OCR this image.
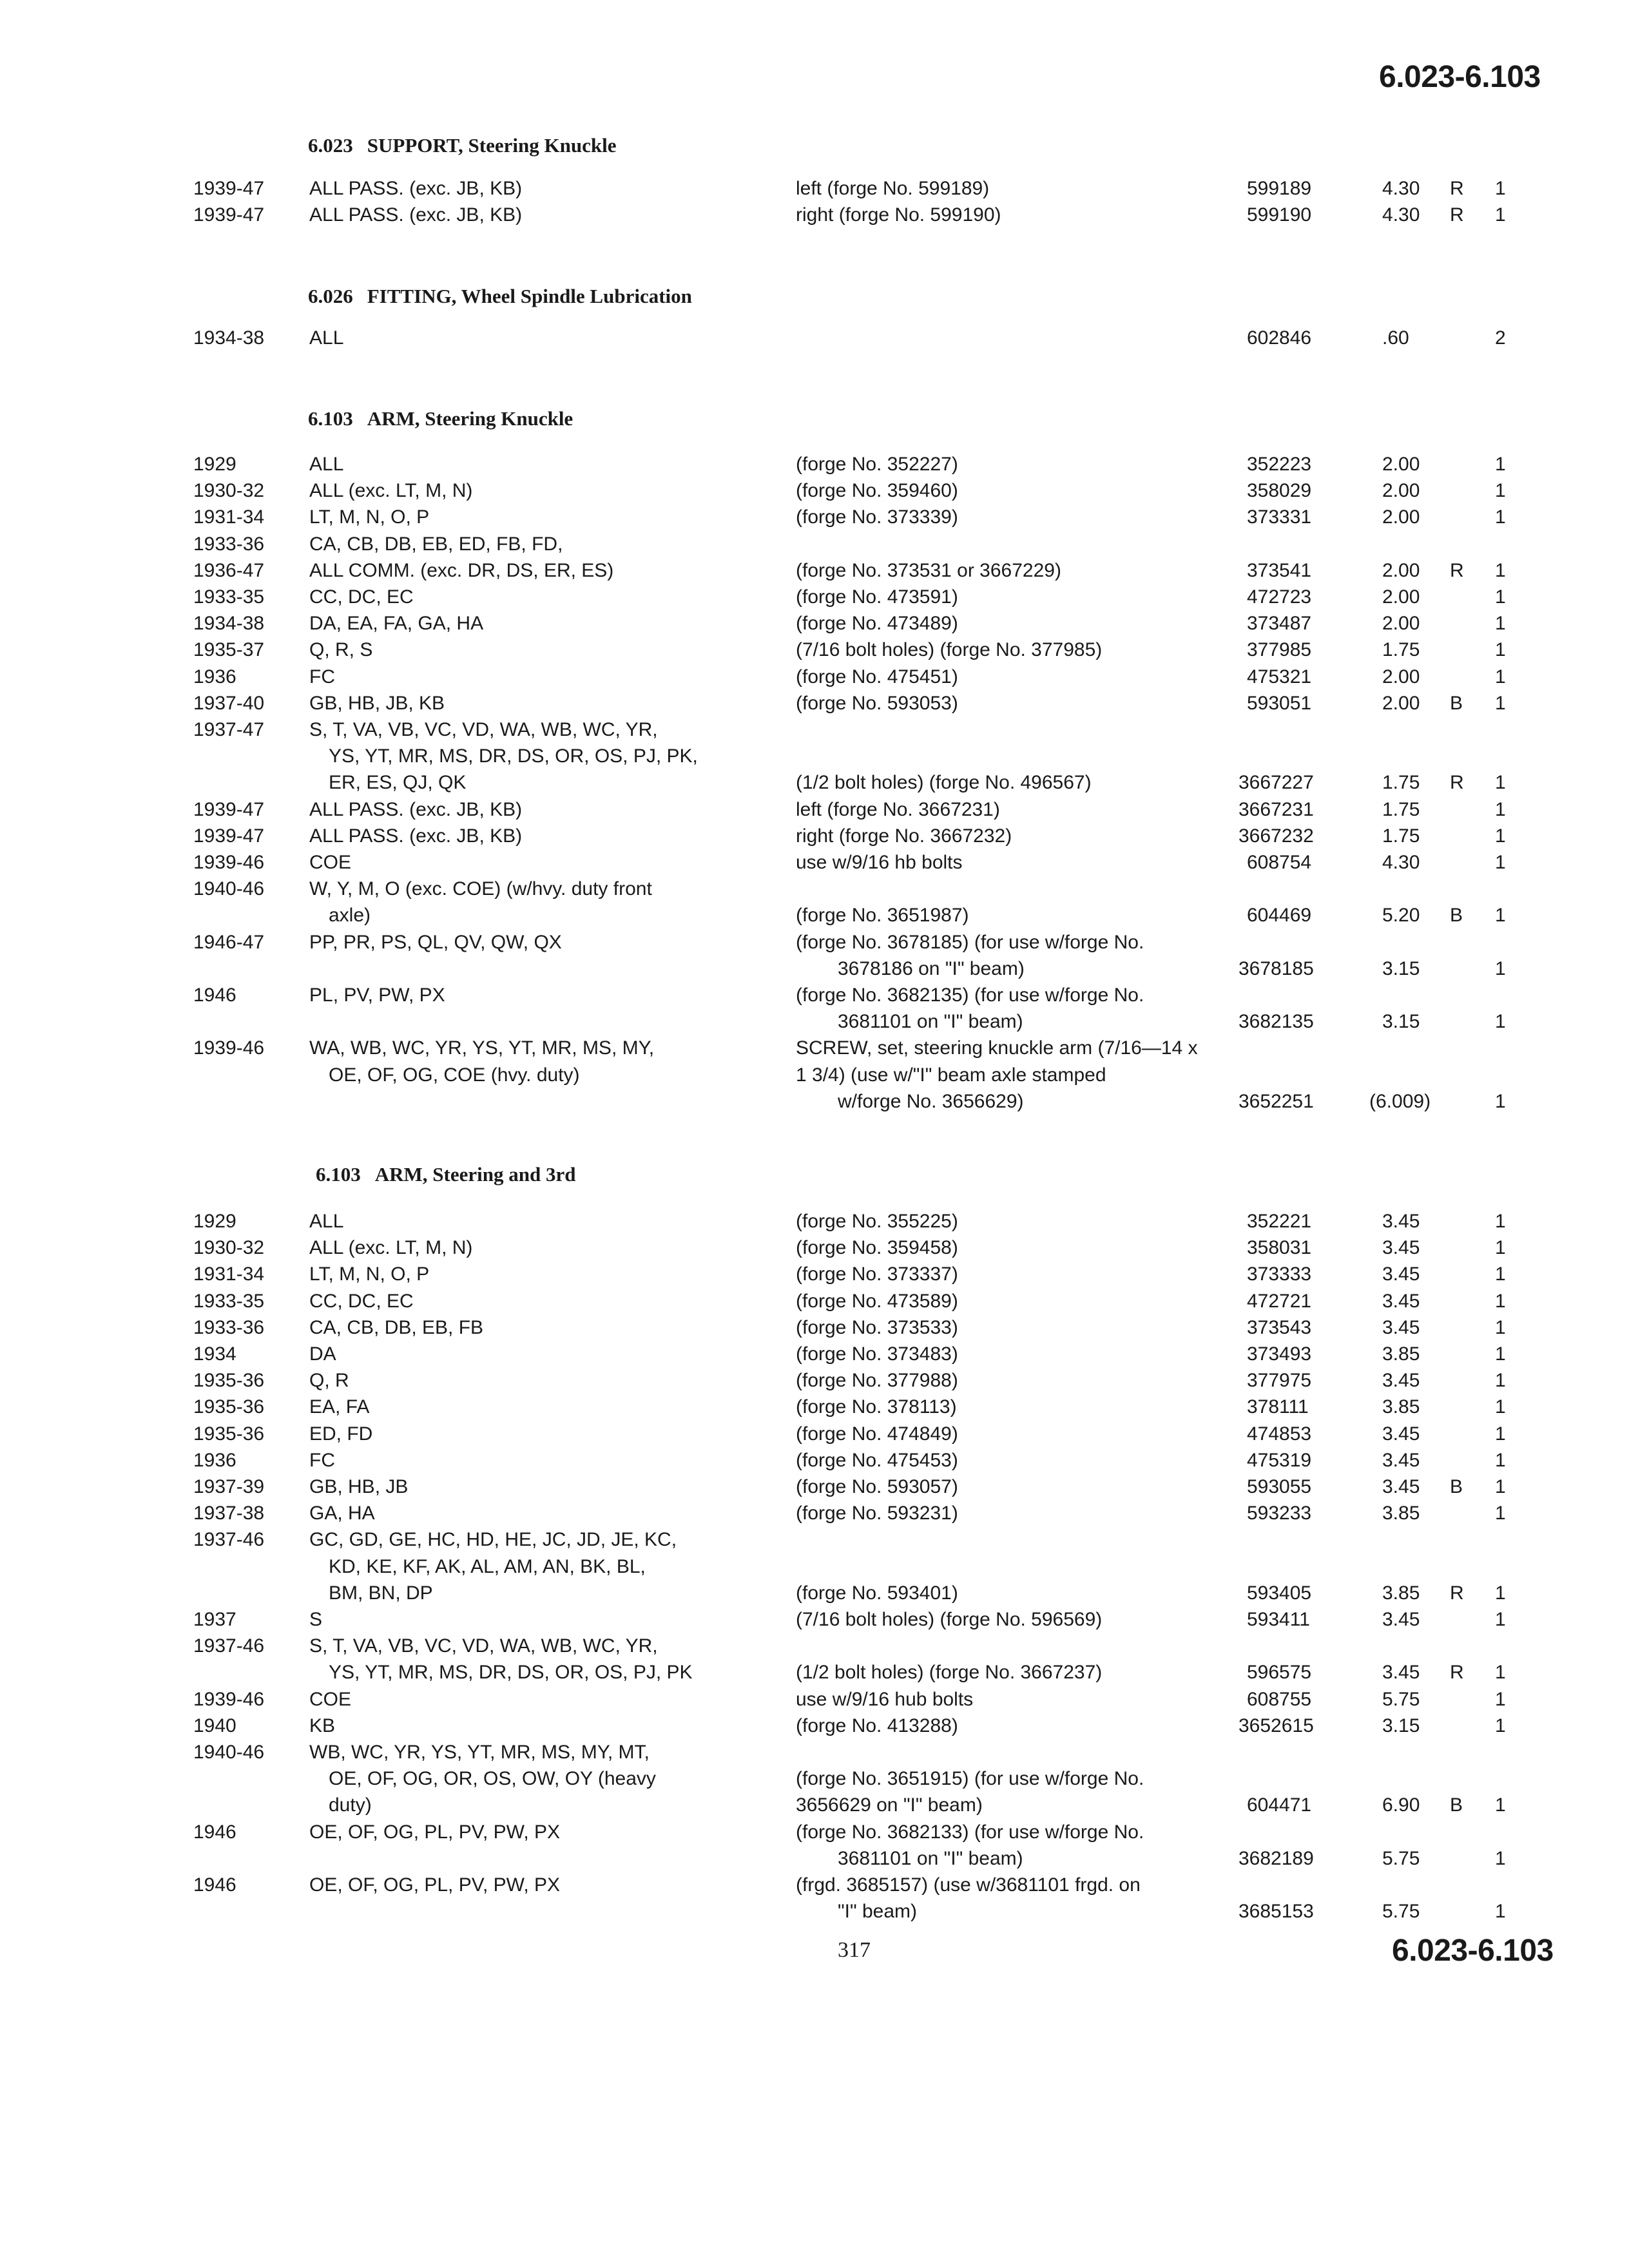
6.023-6.103
6.023 SUPPORT, Steering Knuckle
1939-47 ALL PASS. (exc. JB, KB)	left (forge No. 599189)	599189	4.30 R 1
1939-47 ALL PASS. (exc. JB, KB)	right (forge No. 599190)	599190	4.30 R 1
6.026 FITTING, Wheel Spindle Lubrication
1934-38 ALL	602846	.60	2
6.103 ARM, Steering Knuckle
1929	ALL	(forge No. 352227)	352223	2.00	1
1930-32 ALL (exc. LT, M, N)	(forge No. 359460)	358029	2.00	1
1931-34 LT, M, N, O, P	(forge No. 373339)	373331	2.00	1
1933-36 CA, CB, DB, EB, ED, FB, FD,
1936-47 ALL COMM. (exc. DR, DS, ER, ES)	(forge No. 373531 or 3667229)	373541	2.00 R 1
1933-35 CC, DC, EC	(forge No. 473591)	472723	2.00	1
1934-38 DA, EA, FA, GA, HA	(forge No. 473489)	373487	2.00	1
1935-37 Q, R, S	(7/16 bolt holes) (forge No. 377985)	377985	1.75	1
1936	FC	(forge No. 475451)	475321	2.00	1
1937-40 GB, HB, JB, KB	(forge No. 593053)	593051	2.00 B 1
1937-47 S, T, VA, VB, VC, VD, WA, WB, WC, YR,
YS, YT, MR, MS, DR, DS, OR, OS, PJ, PK,
ER, ES, QJ, QK	(1/2 bolt holes) (forge No. 496567)	3667227	1.75 R 1
1939-47 ALL PASS. (exc. JB, KB)	left (forge No. 3667231)	3667231	1.75	1
1939-47 ALL PASS. (exc. JB, KB)	right (forge No. 3667232)	3667232	1.75	1
1939-46 COE	use w/9/16 hb bolts	608754	4.30	1
1940-46 W, Y, M, O (exc. COE) (w/hvy. duty front
axle)	(forge No. 3651987)	604469	5.20 B 1
1946-47 PP, PR, PS, QL, QV, QW, QX	(forge No. 3678185) (for use w/forge No.
3678186 on "I" beam)	3678185	3.15	1
1946	PL, PV, PW, PX	(forge No. 3682135) (for use w/forge No.
3681101 on "I" beam)	3682135	3.15	1
1939-46 WA, WB, WC, YR, YS, YT, MR, MS, MY,	SCREW, set, steering knuckle arm (7/16—14 x
OE, OF, OG, COE (hvy. duty)	1 3/4) (use w/"I" beam axle stamped
w/forge No. 3656629)	3652251	(6.009)	1
6.103 ARM, Steering and 3rd
1929	ALL	(forge No. 355225)	352221	3.45	1
1930-32 ALL (exc. LT, M, N)	(forge No. 359458)	358031	3.45	1
1931-34 LT, M, N, O, P	(forge No. 373337)	373333	3.45	1
1933-35 CC, DC, EC	(forge No. 473589)	472721	3.45	1
1933-36 CA, CB, DB, EB, FB	(forge No. 373533)	373543	3.45	1
1934	DA	(forge No. 373483)	373493	3.85	1
1935-36 Q, R	(forge No. 377988)	377975	3.45	1
1935-36 EA, FA	(forge No. 378113)	378111	3.85	1
1935-36 ED, FD	(forge No. 474849)	474853	3.45	1
1936	FC	(forge No. 475453)	475319	3.45	1
1937-39 GB, HB, JB	(forge No. 593057)	593055	3.45 B 1
1937-38 GA, HA	(forge No. 593231)	593233	3.85	1
1937-46 GC, GD, GE, HC, HD, HE, JC, JD, JE, KC,
KD, KE, KF, AK, AL, AM, AN, BK, BL,
BM, BN, DP	(forge No. 593401)	593405	3.85 R 1
1937	S	(7/16 bolt holes) (forge No. 596569)	593411	3.45	1
1937-46 S, T, VA, VB, VC, VD, WA, WB, WC, YR,
YS, YT, MR, MS, DR, DS, OR, OS, PJ, PK	(1/2 bolt holes) (forge No. 3667237)	596575	3.45 R 1
1939-46 COE	use w/9/16 hub bolts	608755	5.75	1
1940	KB	(forge No. 413288)	3652615	3.15	1
1940-46 WB, WC, YR, YS, YT, MR, MS, MY, MT,
OE, OF, OG, OR, OS, OW, OY (heavy	(forge No. 3651915) (for use w/forge No.
duty)	3656629 on "I" beam)	604471	6.90 B 1
1946	OE, OF, OG, PL, PV, PW, PX	(forge No. 3682133) (for use w/forge No.
3681101 on "I" beam)	3682189	5.75	1
1946	OE, OF, OG, PL, PV, PW, PX	(frgd. 3685157) (use w/3681101 frgd. on
"I" beam)	3685153	5.75	1
317	6.023-6.103
